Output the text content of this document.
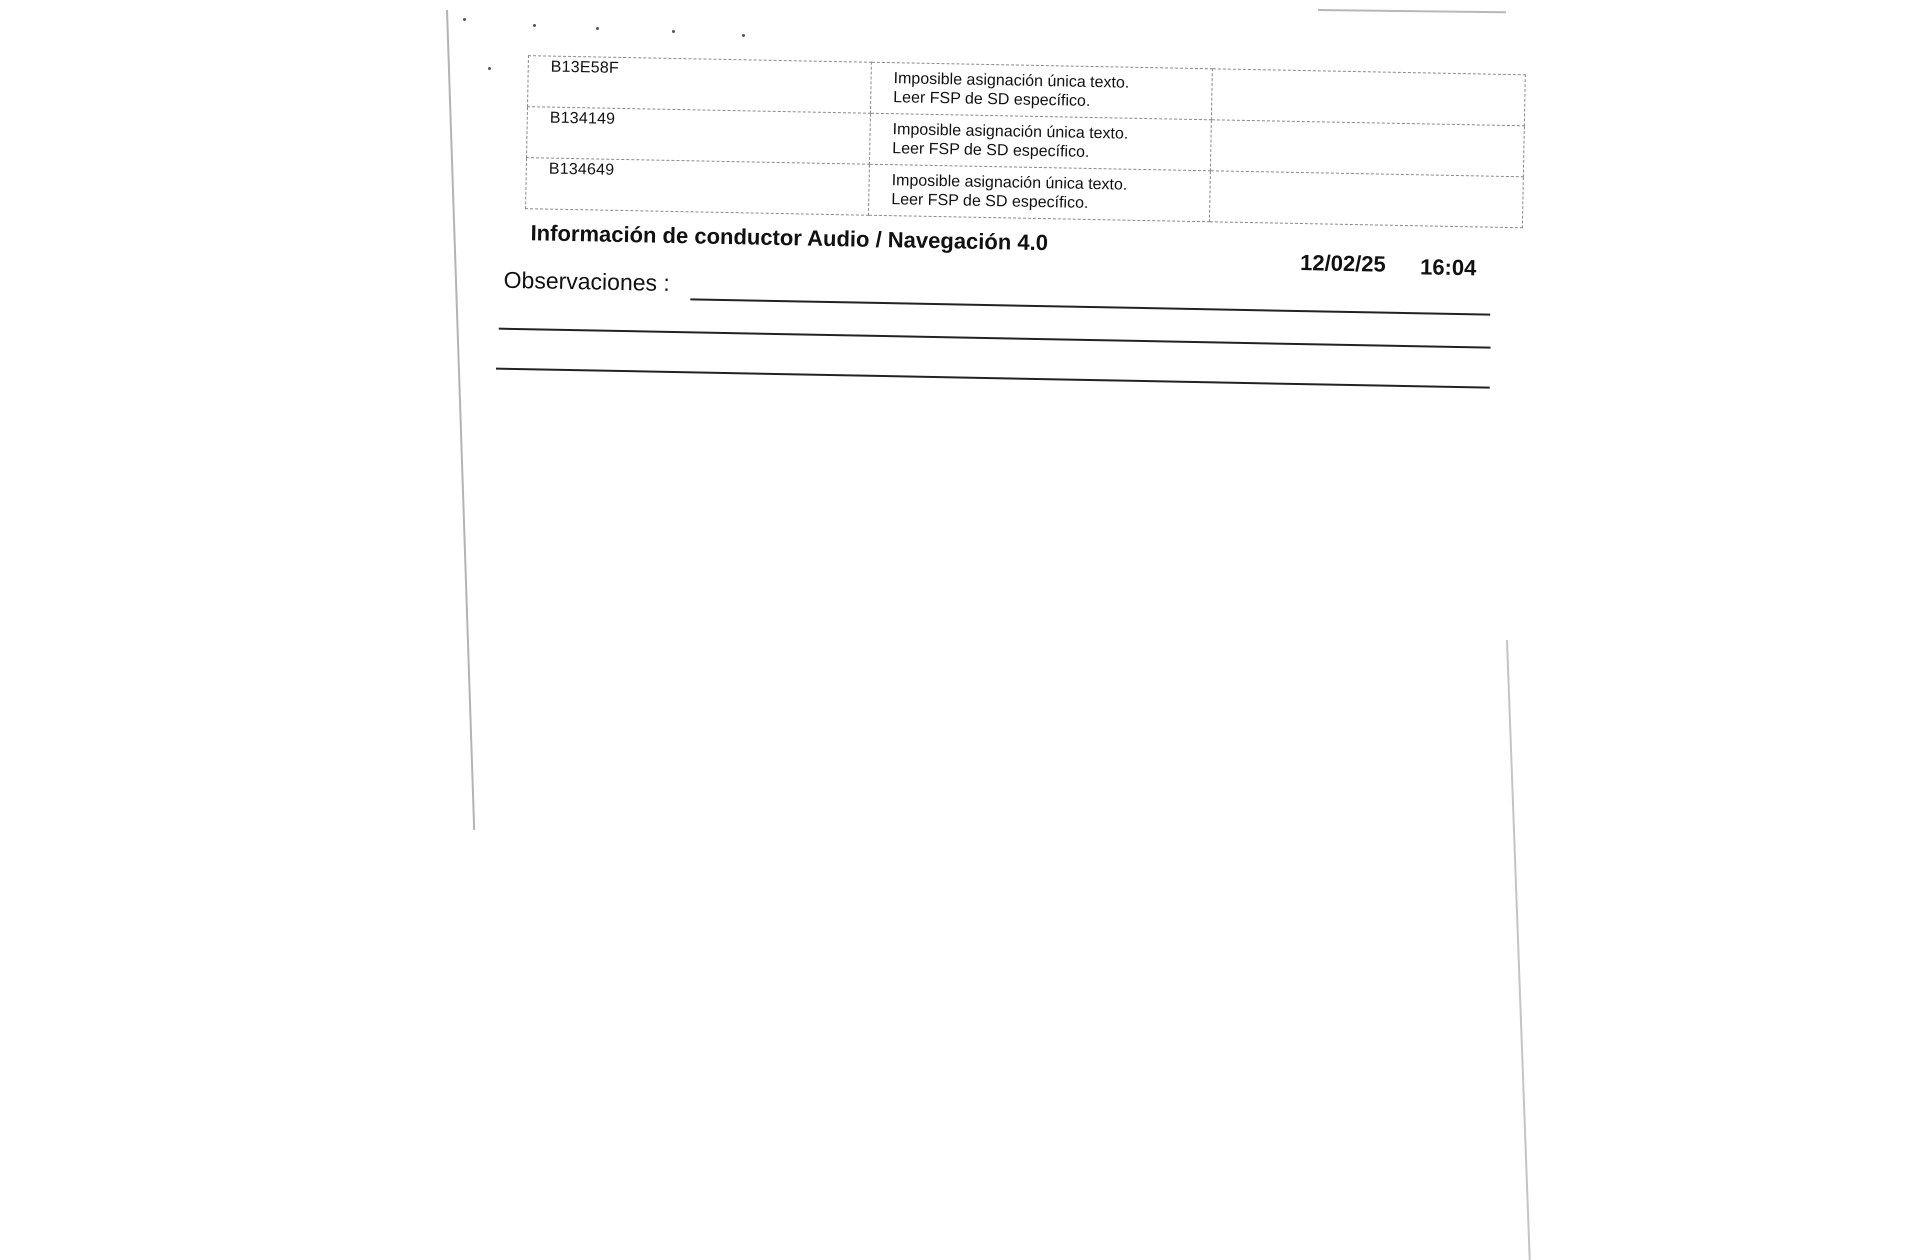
B13E58F	Imposible asignación única texto.
Leer FSP de SD específico.	

B134149	Imposible asignación única texto.
Leer FSP de SD específico.	

B134649	Imposible asignación única texto.
Leer FSP de SD específico.	

Información de conductor Audio / Navegación 4.0
12/02/25 16:04
Observaciones :
